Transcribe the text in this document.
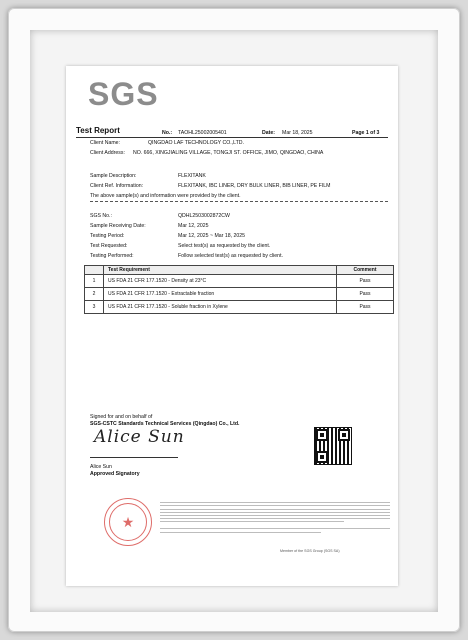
SGS
Test Report	No.: TAOHL25002005401	Date: Mar 18, 2025	Page 1 of 3
Client Name:	QINGDAO LAF TECHNOLOGY CO.,LTD.
Client Address: NO. 666, XINGJIALING VILLAGE, TONGJI ST. OFFICE, JIMO, QINGDAO, CHINA
Sample Description:	FLEXITANK
Client Ref. Information:	FLEXITANK, IBC LINER, DRY BULK LINER, BIB LINER, PE FILM
The above sample(s) and information were provided by the client.
SGS No.:	QDHL2503002872CW
Sample Receiving Date:	Mar 12, 2025
Testing Period:	Mar 12, 2025 ~ Mar 18, 2025
Test Requested:	Select test(s) as requested by the client.
Testing Performed:	Follow selected test(s) as requested by client.
	Test Requirement	Comment
1	US FDA 21 CFR 177.1520 - Density at 23°C	Pass
2	US FDA 21 CFR 177.1520 - Extractable fraction	Pass
3	US FDA 21 CFR 177.1520 - Soluble fraction in Xylene	Pass
Signed for and on behalf of
SGS-CSTC Standards Technical Services (Qingdao) Co., Ltd.
Alice Sun
Alice Sun
Approved Signatory
★
Member of the SGS Group (SGS SA)
